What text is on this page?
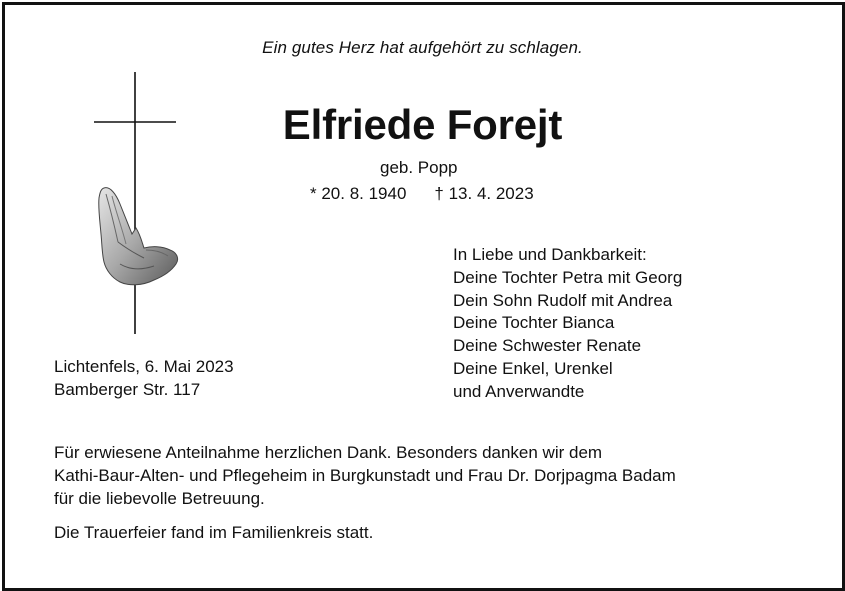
Ein gutes Herz hat aufgehört zu schlagen.

Elfriede Forejt

geb. Popp

* 20. 8. 1940 † 13. 4. 2023

In Liebe und Dankbarkeit:
Deine Tochter Petra mit Georg
Dein Sohn Rudolf mit Andrea
Deine Tochter Bianca
Deine Schwester Renate
Deine Enkel, Urenkel
und Anverwandte
Lichtenfels, 6. Mai 2023
Bamberger Str. 117
Für erwiesene Anteilnahme herzlichen Dank. Besonders danken wir dem
Kathi-Baur-Alten- und Pflegeheim in Burgkunstadt und Frau Dr. Dorjpagma Badam
für die liebevolle Betreuung.

Die Trauerfeier fand im Familienkreis statt.
